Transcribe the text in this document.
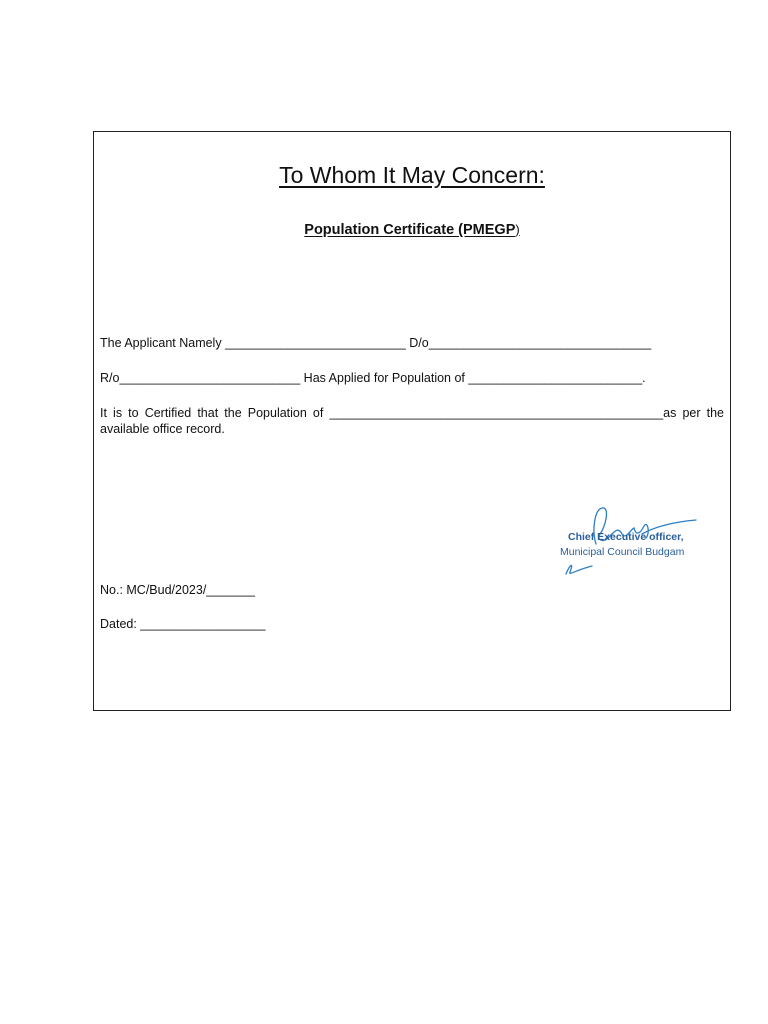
To Whom It May Concern:
Population Certificate (PMEGP)
The Applicant Namely __________________________ D/o________________________________
R/o__________________________ Has Applied for Population of _________________________.
It is to Certified that the Population of ________________________________________________as per the available office record.
Chief Executive officer,
Municipal Council Budgam
No.: MC/Bud/2023/_______
Dated: __________________
